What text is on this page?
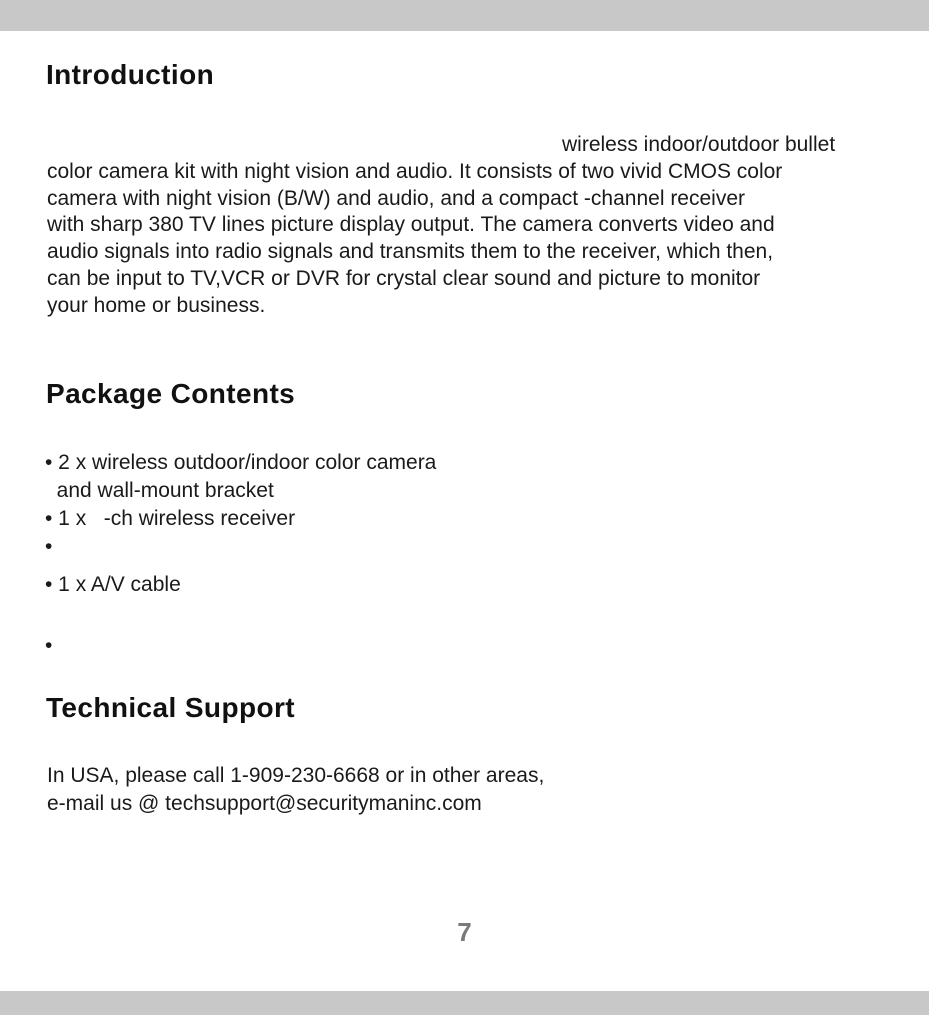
Introduction

wireless indoor/outdoor bullet

color camera kit with night vision and audio. It consists of two vivid CMOS color

camera with night vision (B/W) and audio, and a compact -channel receiver

with sharp 380 TV lines picture display output. The camera converts video and

audio signals into radio signals and transmits them to the receiver, which then,

can be input to TV,VCR or DVR for crystal clear sound and picture to monitor

your home or business.

Package Contents

• 2 x wireless outdoor/indoor color camera

and wall-mount bracket

• 1 x   -ch wireless receiver

•

• 1 x A/V cable

•

Technical Support

In USA, please call 1-909-230-6668 or in other areas,

e-mail us @ techsupport@securitymaninc.com

7
